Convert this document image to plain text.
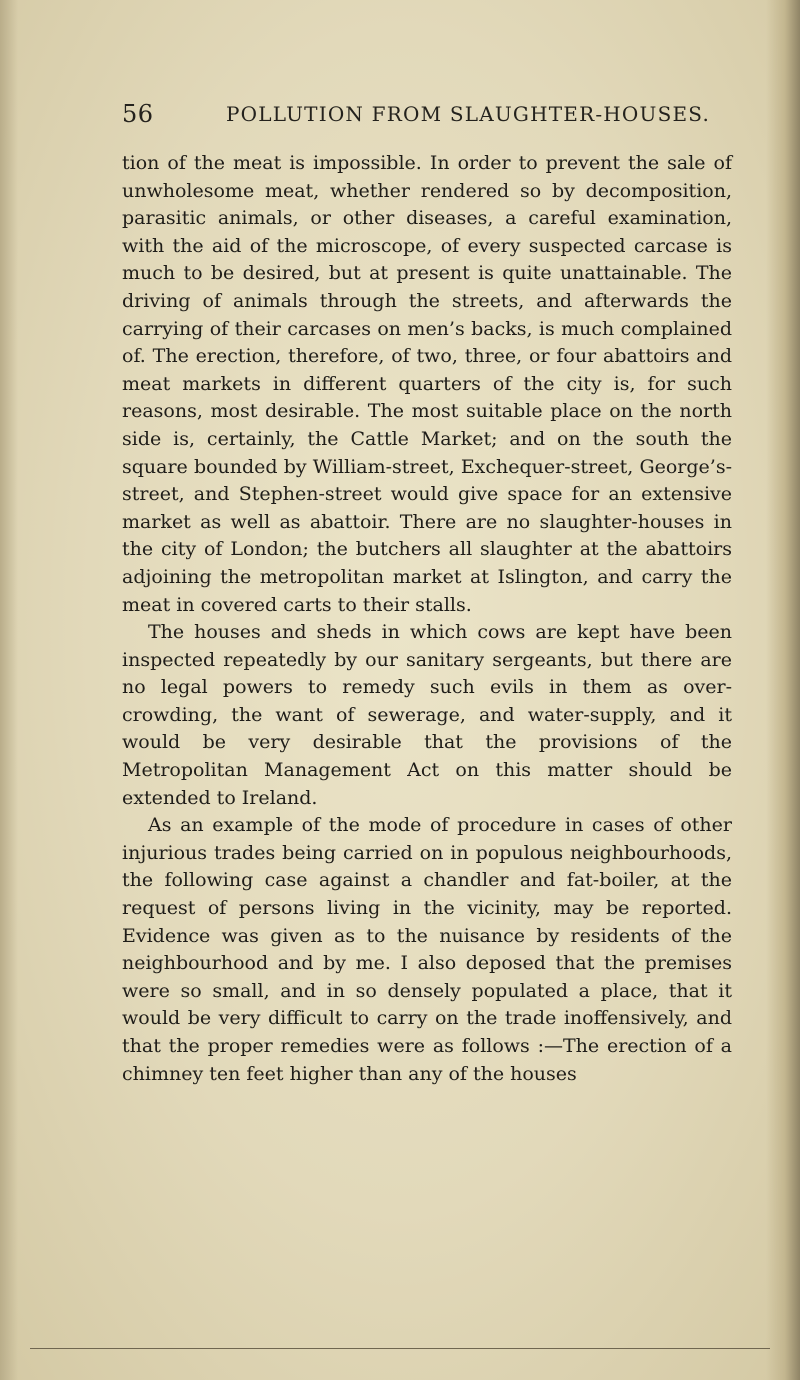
56	POLLUTION FROM SLAUGHTER-HOUSES.

tion of the meat is impossible. In order to prevent the sale of unwholesome meat, whether rendered so by decomposition, parasitic animals, or other diseases, a careful examination, with the aid of the microscope, of every suspected carcase is much to be desired, but at present is quite unattainable. The driving of animals through the streets, and afterwards the carrying of their carcases on men’s backs, is much complained of. The erection, therefore, of two, three, or four abattoirs and meat markets in different quarters of the city is, for such reasons, most desirable. The most suitable place on the north side is, certainly, the Cattle Market; and on the south the square bounded by William-street, Exchequer-street, George’s-street, and Stephen-street would give space for an extensive market as well as abattoir. There are no slaughter-houses in the city of London; the butchers all slaughter at the abattoirs adjoining the metropolitan market at Islington, and carry the meat in covered carts to their stalls.

The houses and sheds in which cows are kept have been inspected repeatedly by our sanitary sergeants, but there are no legal powers to remedy such evils in them as over-crowding, the want of sewerage, and water-supply, and it would be very desirable that the provisions of the Metropolitan Management Act on this matter should be extended to Ireland.

As an example of the mode of procedure in cases of other injurious trades being carried on in populous neighbourhoods, the following case against a chandler and fat-boiler, at the request of persons living in the vicinity, may be reported. Evidence was given as to the nuisance by residents of the neighbourhood and by me. I also deposed that the premises were so small, and in so densely populated a place, that it would be very difficult to carry on the trade inoffensively, and that the proper remedies were as follows :—The erection of a chimney ten feet higher than any of the houses
